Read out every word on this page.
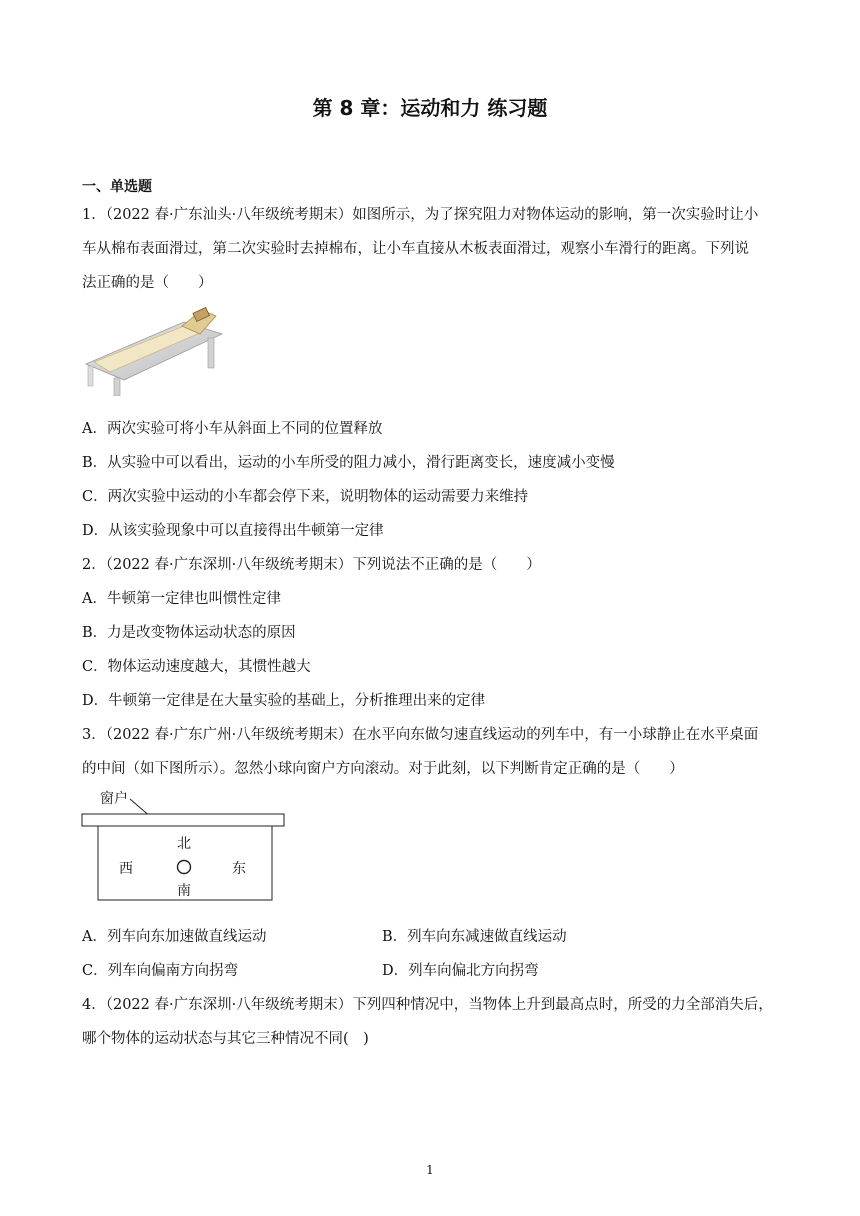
第 8 章：运动和力 练习题
一、单选题
1．（2022 春·广东汕头·八年级统考期末）如图所示，为了探究阻力对物体运动的影响，第一次实验时让小
车从棉布表面滑过，第二次实验时去掉棉布，让小车直接从木板表面滑过，观察小车滑行的距离。下列说
法正确的是（　　）
A．两次实验可将小车从斜面上不同的位置释放
B．从实验中可以看出，运动的小车所受的阻力减小，滑行距离变长，速度减小变慢
C．两次实验中运动的小车都会停下来，说明物体的运动需要力来维持
D．从该实验现象中可以直接得出牛顿第一定律
2．（2022 春·广东深圳·八年级统考期末）下列说法不正确的是（　　）
A．牛顿第一定律也叫惯性定律
B．力是改变物体运动状态的原因
C．物体运动速度越大，其惯性越大
D．牛顿第一定律是在大量实验的基础上，分析推理出来的定律
3．（2022 春·广东广州·八年级统考期末）在水平向东做匀速直线运动的列车中，有一小球静止在水平桌面
的中间（如下图所示）。忽然小球向窗户方向滚动。对于此刻，以下判断肯定正确的是（　　）
窗户
北
西	东
南
A．列车向东加速做直线运动	B．列车向东减速做直线运动
C．列车向偏南方向拐弯	D．列车向偏北方向拐弯
4．（2022 春·广东深圳·八年级统考期末）下列四种情况中，当物体上升到最高点时，所受的力全部消失后，
哪个物体的运动状态与其它三种情况不同(　)
1
